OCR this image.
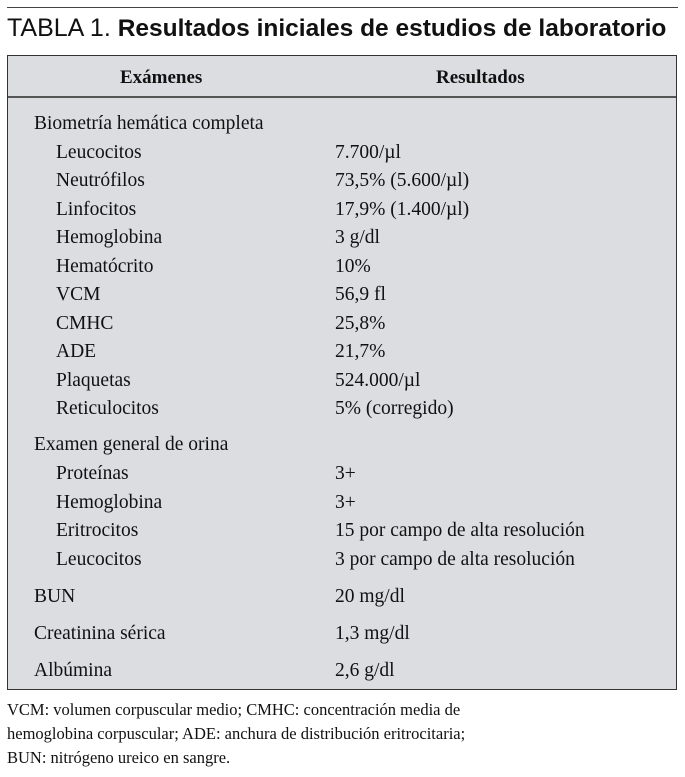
TABLA 1. Resultados iniciales de estudios de laboratorio
Exámenes	Resultados
Biometría hemática completa
Leucocitos	7.700/µl
Neutrófilos	73,5% (5.600/µl)
Linfocitos	17,9% (1.400/µl)
Hemoglobina	3 g/dl
Hematócrito	10%
VCM	56,9 fl
CMHC	25,8%
ADE	21,7%
Plaquetas	524.000/µl
Reticulocitos	5% (corregido)
Examen general de orina
Proteínas	3+
Hemoglobina	3+
Eritrocitos	15 por campo de alta resolución
Leucocitos	3 por campo de alta resolución
BUN	20 mg/dl
Creatinina sérica	1,3 mg/dl
Albúmina	2,6 g/dl
VCM: volumen corpuscular medio; CMHC: concentración media de
hemoglobina corpuscular; ADE: anchura de distribución eritrocitaria;
BUN: nitrógeno ureico en sangre.
